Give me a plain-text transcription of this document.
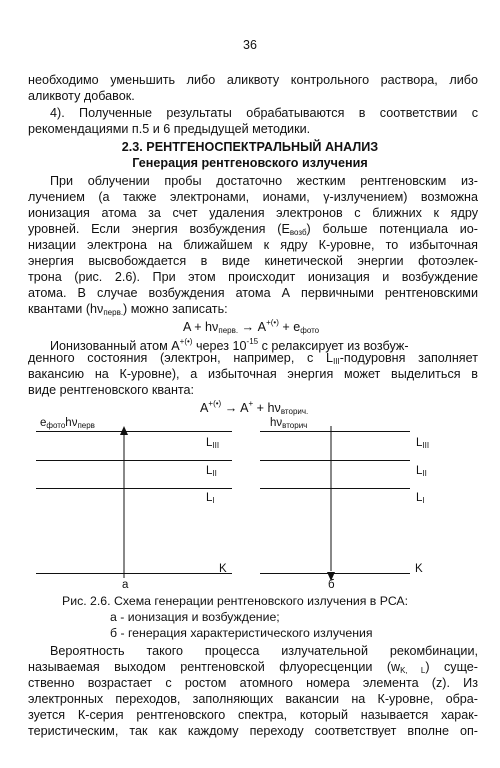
36
необходимо уменьшить либо аликвоту контрольного раствора, либо
аликвоту добавок.
4). Полученные результаты обрабатываются в соответствии с
рекомендациями п.5 и 6 предыдущей методики.
2.3. РЕНТГЕНОСПЕКТРАЛЬНЫЙ АНАЛИЗ
Генерация рентгеновского излучения
При облучении пробы достаточно жестким рентгеновским из-
лучением (а также электронами, ионами, γ-излучением) возможна
ионизация атома за счет удаления электронов с ближних к ядру
уровней. Если энергия возбуждения $(Е_{возб})$ больше потенциала ио-
низации электрона на ближайшем к ядру К-уровне, то избыточная
энергия высвобождается в виде кинетической энергии фотоэлек-
трона (рис. 2.6). При этом происходит ионизация и возбуждение
атома. В случае возбуждения атома А первичными рентгеновскими
квантами $(h\nu_{перв.})$ можно записать:
$A + h\nu_{перв.} \to A^{+(•)} + e_{фото}$
Ионизованный атом А+(•) через $10^{-15}$ с релаксирует из возбуж-
денного состояния (электрон, например, с $L_{III}$-подуровня заполняет
вакансию на К-уровне), а избыточная энергия может выделиться в
виде рентгеновского кванта:
$A^{+(•)} \to A^+ + h\nu_{вторич.}$
$e_{фото}h\nu_{перв}$	$h\nu_{вторич}$
$L_{III}$
$L_{II}$
$L_I$
K
$L_{III}$
$L_{II}$
$L_I$
K
а	б
Рис. 2.6. Схема генерации рентгеновского излучения в РСА:
а - ионизация и возбуждение;
б - генерация характеристического излучения
Вероятность такого процесса излучательной рекомбинации,
называемая выходом рентгеновской флуоресценции $(w_{K, L})$ суще-
ственно возрастает с ростом атомного номера элемента (z). Из
электронных переходов, заполняющих вакансии на К-уровне, обра-
зуется К-серия рентгеновского спектра, который называется харак-
теристическим, так как каждому переходу соответствует вполне оп-
